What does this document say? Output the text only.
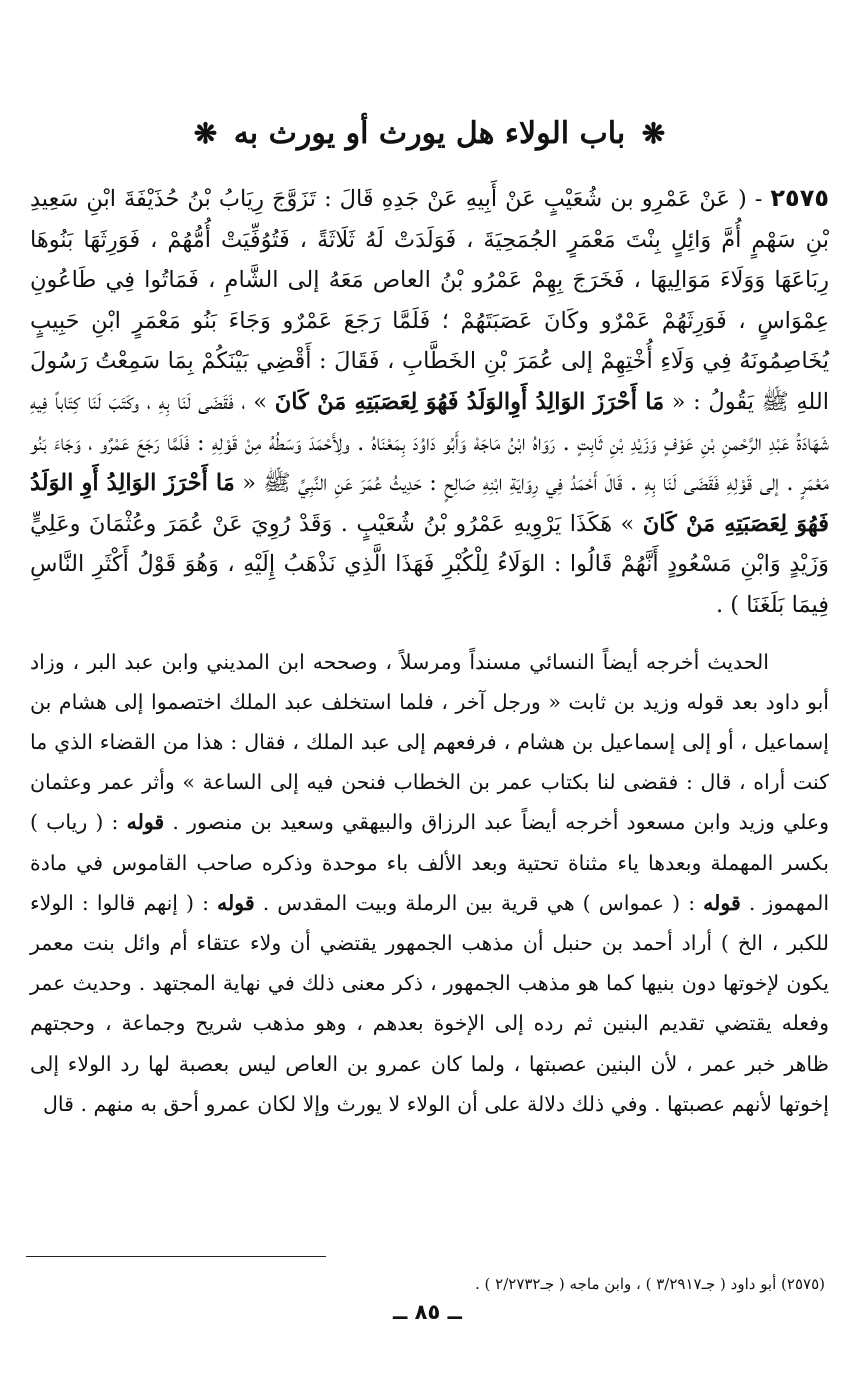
❋ باب الولاء هل يورث أو يورث به ❋

٢٥٧٥ - ( عَنْ عَمْرِو بن شُعَيْبٍ عَنْ أَبِيهِ عَنْ جَدِهِ قَالَ : تَزَوَّجَ رِيَابُ بْنُ حُذَيْفَةَ ابْنِ سَعِيدِ بْنِ سَهْمٍ أُمَّ وَائِلٍ بِنْتَ مَعْمَرٍ الجُمَحِيَةَ ، فَوَلَدَتْ لَهُ ثَلَاثَةً ، فَتُوُفِّيَتْ أُمُّهُمْ ، فَوَرِثَهَا بَنُوهَا رِبَاعَهَا وَوَلَاءَ مَوَالِيهَا ، فَخَرَجَ بِهِمْ عَمْرُو بْنُ العاص مَعَهُ إلى الشَّامِ ، فَمَاتُوا فِي طَاعُونِ عِمْوَاسٍ ، فَوَرِثَهُمْ عَمْرٌو وكَانَ عَصَبَتَهُمْ ؛ فَلَمَّا رَجَعَ عَمْرٌو وَجَاءَ بَنُو مَعْمَرٍ ابْنِ حَبِيبٍ يُخَاصِمُونَهُ فِي وَلَاءِ أُخْتِهِمْ إلى عُمَرَ بْنِ الخَطَّابِ ، فَقَالَ : أَقْضِي بَيْنَكُمْ بِمَا سَمِعْتُ رَسُولَ اللهِ ﷺ يَقُولُ : « مَا أَحْرَزَ الوَالِدُ أَوِالوَلَدُ فَهُوَ لِعَصَبَتِهِ مَنْ كَانَ » ، فَقَضَى لَنَا بِهِ ، وكَتَبَ لَنَا كِتَاباً فِيهِ شَهَادَةُ عَبْدِ الرَّحْمنِ بْنِ عَوْفٍ وَزَيْدِ بْنِ ثَابِتٍ . رَوَاهُ ابْنُ مَاجَهْ وَأَبُو دَاوُدَ بِمَعْنَاهُ . ولِأَحْمَدَ وَسَطُهُ مِنْ قَوْلِهِ : فَلَمَّا رَجَعَ عَمْرٌو ، وَجَاءَ بَنُو مَعْمَرٍ . إلى قَوْلِهِ فَقَضَى لَنَا بِهِ . قَالَ أَحْمَدُ فِي رِوَايَةِ ابْنِهِ صَالِحٍ : حَدِيثُ عُمَرَ عَنِ النَّبِيِّ ﷺ « مَا أَحْرَزَ الوَالِدُ أَوِ الوَلَدُ فَهُوَ لِعَصَبَتِهِ مَنْ كَانَ » هَكَذَا يَرْوِيهِ عَمْرُو بْنُ شُعَيْبٍ . وَقَدْ رُوِيَ عَنْ عُمَرَ وعُثْمَانَ وعَلِيٍّ وَزَيْدٍ وَابْنِ مَسْعُودٍ أَنَّهُمْ قَالُوا : الوَلَاءُ لِلْكُبْرِ فَهَذَا الَّذِي نَذْهَبُ إِلَيْهِ ، وَهُوَ قَوْلُ أَكْثَرِ النَّاسِ فِيمَا بَلَغَنَا ) .

الحديث أخرجه أيضاً النسائي مسنداً ومرسلاً ، وصححه ابن المديني وابن عبد البر ، وزاد أبو داود بعد قوله وزيد بن ثابت « ورجل آخر ، فلما استخلف عبد الملك اختصموا إلى هشام بن إسماعيل ، أو إلى إسماعيل بن هشام ، فرفعهم إلى عبد الملك ، فقال : هذا من القضاء الذي ما كنت أراه ، قال : فقضى لنا بكتاب عمر بن الخطاب فنحن فيه إلى الساعة » وأثر عمر وعثمان وعلي وزيد وابن مسعود أخرجه أيضاً عبد الرزاق والبيهقي وسعيد بن منصور . قوله : ( رياب ) بكسر المهملة وبعدها ياء مثناة تحتية وبعد الألف باء موحدة وذكره صاحب القاموس في مادة المهموز . قوله : ( عمواس ) هي قرية بين الرملة وبيت المقدس . قوله : ( إنهم قالوا : الولاء للكبر ، الخ ) أراد أحمد بن حنبل أن مذهب الجمهور يقتضي أن ولاء عتقاء أم وائل بنت معمر يكون لإخوتها دون بنيها كما هو مذهب الجمهور ، ذكر معنى ذلك في نهاية المجتهد . وحديث عمر وفعله يقتضي تقديم البنين ثم رده إلى الإخوة بعدهم ، وهو مذهب شريح وجماعة ، وحجتهم ظاهر خبر عمر ، لأن البنين عصبتها ، ولما كان عمرو بن العاص ليس بعصبة لها رد الولاء إلى إخوتها لأنهم عصبتها . وفي ذلك دلالة على أن الولاء لا يورث وإلا لكان عمرو أحق به منهم . قال

(٢٥٧٥) أبو داود ( جـ٣/٢٩١٧ ) ، وابن ماجه ( جـ٢/٢٧٣٢ ) .
ــ ٨٥ ــ
